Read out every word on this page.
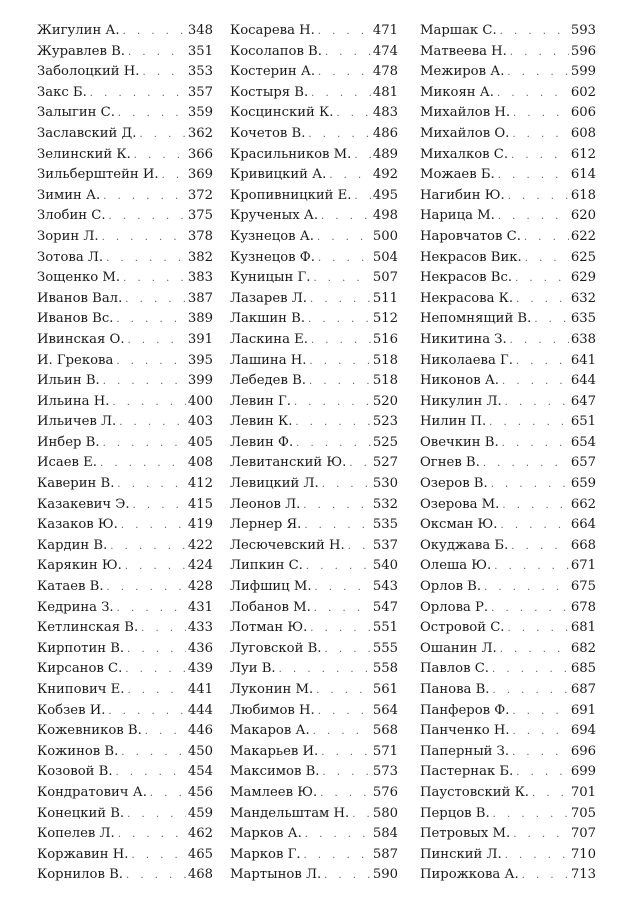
Жигулин А. . . .	348
Журавлев В. . . .	351
Заболоцкий Н. . . .	353
Закс Б. . . .	357
Залыгин С. . . .	359
Заславский Д. . . .	362
Зелинский К. . . .	366
Зильберштейн И. . . . 369
Зимин А. . . .	372
Злобин С. . . .	375
Зорин Л. . . .	378
Зотова Л. . . .	382
Зощенко М. . . .	383
Иванов Вал. . . .	387
Иванов Вс. . . .	389
Ивинская О. . . .	391
И. Грекова . . .	395
Ильин В. . . .	399
Ильина Н. . . .	400
Ильичев Л. . . .	403
Инбер В. . . .	405
Исаев Е. . . .	408
Каверин В. . . .	412
Казакевич Э. . . .	415
Казаков Ю. . . .	419
Кардин В. . . .	422
Карякин Ю. . . .	424
Катаев В. . . .	428
Кедрина З. . . .	431
Кетлинская В. . . .	433
Кирпотин В. . . .	436
Кирсанов С. . . .	439
Книпович Е. . . .	441
Кобзев И. . . .	444
Кожевников В. . . .	446
Кожинов В. . . .	450
Козовой В. . . .	454
Кондратович А. . . .	456
Конецкий В. . . .	459
Копелев Л. . . .	462
Коржавин Н. . . .	465
Корнилов В. . . .	468
Косарева Н. . . .	471
Косолапов В. . . .	474
Костерин А. . . .	478
Костыря В. . . .	481
Косцинский К. . . .	483
Кочетов В. . . .	486
Красильников М. . . . 489
Кривицкий А. . . .	492
Кропивницкий Е. . . . 495
Крученых А. . . .	498
Кузнецов А. . . .	500
Кузнецов Ф. . . .	504
Куницын Г. . . .	507
Лазарев Л. . . .	511
Лакшин В. . . .	512
Ласкина Е. . . .	516
Лашина Н. . . .	518
Лебедев В. . . .	518
Левин Г. . . .	520
Левин К. . . .	523
Левин Ф. . . .	525
Левитанский Ю. . . . 527
Левицкий Л. . . .	530
Леонов Л. . . .	532
Лернер Я. . . .	535
Лесючевский Н. . . . 537
Липкин С. . . .	540
Лифшиц М. . . .	543
Лобанов М. . . .	547
Лотман Ю. . . .	551
Луговской В. . . .	555
Луи В. . . .	558
Луконин М. . . .	561
Любимов Н. . . .	564
Макаров А. . . .	568
Макарьев И. . . .	571
Максимов В. . . .	573
Мамлеев Ю. . . .	576
Мандельштам Н. . . . 580
Марков А. . . .	584
Марков Г. . . .	587
Мартынов Л. . . .	590
Маршак С. . . .	593
Матвеева Н. . . .	596
Межиров А. . . .	599
Микоян А. . . .	602
Михайлов Н. . . .	606
Михайлов О. . . .	608
Михалков С. . . .	612
Можаев Б. . . .	614
Нагибин Ю. . . .	618
Нарица М. . . .	620
Наровчатов С. . . .	622
Некрасов Вик. . . .	625
Некрасов Вс. . . .	629
Некрасова К. . . .	632
Непомнящий В. . . .	635
Никитина З. . . .	638
Николаева Г. . . .	641
Никонов А. . . .	644
Никулин Л. . . .	647
Нилин П. . . .	651
Овечкин В. . . .	654
Огнев В. . . .	657
Озеров В. . . .	659
Озерова М. . . .	662
Оксман Ю. . . .	664
Окуджава Б. . . .	668
Олеша Ю. . . .	671
Орлов В. . . .	675
Орлова Р. . . .	678
Островой С. . . .	681
Ошанин Л. . . .	682
Павлов С. . . .	685
Панова В. . . .	687
Панферов Ф. . . .	691
Панченко Н. . . .	694
Паперный З. . . .	696
Пастернак Б. . . .	699
Паустовский К. . . .	701
Перцов В. . . .	705
Петровых М. . . .	707
Пинский Л. . . .	710
Пирожкова А. . . .	713
